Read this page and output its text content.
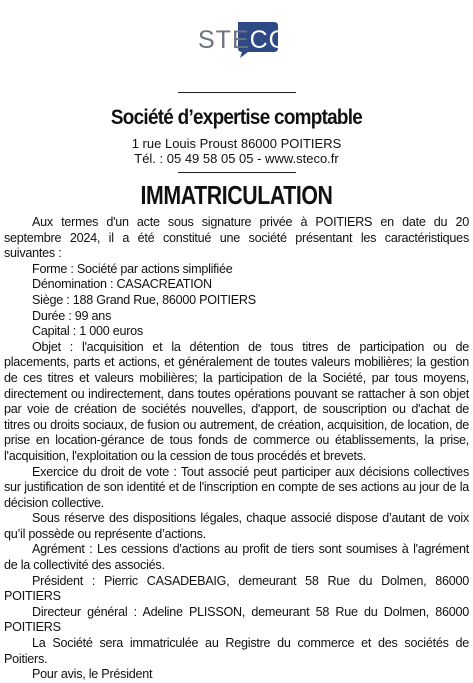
STECO
Société d’expertise comptable
1 rue Louis Proust 86000 POITIERS
Tél. : 05 49 58 05 05 - www.steco.fr
IMMATRICULATION

Aux termes d'un acte sous signature privée à POITIERS en date du 20 septembre 2024, il a été constitué une société présentant les caractéristiques suivantes :

Forme : Société par actions simplifiée

Dénomination : CASACREATION

Siège : 188 Grand Rue, 86000 POITIERS

Durée : 99 ans

Capital : 1 000 euros

Objet : l'acquisition et la détention de tous titres de participation ou de placements, parts et actions, et généralement de toutes valeurs mobilières; la gestion de ces titres et valeurs mobilières; la participation de la Société, par tous moyens, directement ou indirectement, dans toutes opérations pouvant se rattacher à son objet par voie de création de sociétés nouvelles, d'apport, de souscription ou d'achat de titres ou droits sociaux, de fusion ou autrement, de création, acquisition, de location, de prise en location-gérance de tous fonds de commerce ou établissements, la prise, l'acquisition, l'exploitation ou la cession de tous procédés et brevets.

Exercice du droit de vote : Tout associé peut participer aux décisions collectives sur justification de son identité et de l'inscription en compte de ses actions au jour de la décision collective.

Sous réserve des dispositions légales, chaque associé dispose d’autant de voix qu’il possède ou représente d’actions.

Agrément : Les cessions d'actions au profit de tiers sont soumises à l'agrément de la collectivité des associés.

Président : Pierric CASADEBAIG, demeurant 58 Rue du Dolmen, 86000 POITIERS

Directeur général : Adeline PLISSON, demeurant 58 Rue du Dolmen, 86000 POITIERS

La Société sera immatriculée au Registre du commerce et des sociétés de Poitiers.

Pour avis, le Président
